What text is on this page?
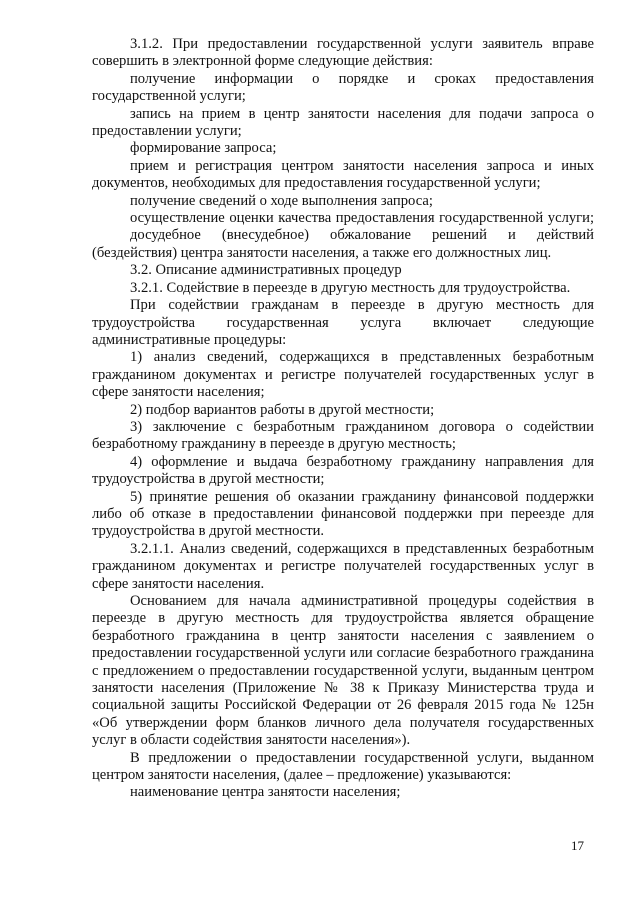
3.1.2. При предоставлении государственной услуги заявитель вправе совершить в электронной форме следующие действия:

получение информации о порядке и сроках предоставления государственной услуги;

запись на прием в центр занятости населения для подачи запроса о предоставлении услуги;

формирование запроса;

прием и регистрация центром занятости населения запроса и иных документов, необходимых для предоставления государственной услуги;

получение сведений о ходе выполнения запроса;

осуществление оценки качества предоставления государственной услуги;

досудебное (внесудебное) обжалование решений и действий (бездействия) центра занятости населения, а также его должностных лиц.

3.2. Описание административных процедур

3.2.1. Содействие в переезде в другую местность для трудоустройства.

При содействии гражданам в переезде в другую местность для трудоустройства государственная услуга включает следующие административные процедуры:

1) анализ сведений, содержащихся в представленных безработным гражданином документах и регистре получателей государственных услуг в сфере занятости населения;

2) подбор вариантов работы в другой местности;

3) заключение с безработным гражданином договора о содействии безработному гражданину в переезде в другую местность;

4) оформление и выдача безработному гражданину направления для трудоустройства в другой местности;

5) принятие решения об оказании гражданину финансовой поддержки либо об отказе в предоставлении финансовой поддержки при переезде для трудоустройства в другой местности.

3.2.1.1. Анализ сведений, содержащихся в представленных безработным гражданином документах и регистре получателей государственных услуг в сфере занятости населения.

Основанием для начала административной процедуры содействия в переезде в другую местность для трудоустройства является обращение безработного гражданина в центр занятости населения с заявлением о предоставлении государственной услуги или согласие безработного гражданина с предложением о предоставлении государственной услуги, выданным центром занятости населения (Приложение № 38 к Приказу Министерства труда и социальной защиты Российской Федерации от 26 февраля 2015 года № 125н «Об утверждении форм бланков личного дела получателя государственных услуг в области содействия занятости населения»).

В предложении о предоставлении государственной услуги, выданном центром занятости населения, (далее – предложение) указываются:

наименование центра занятости населения;

17
